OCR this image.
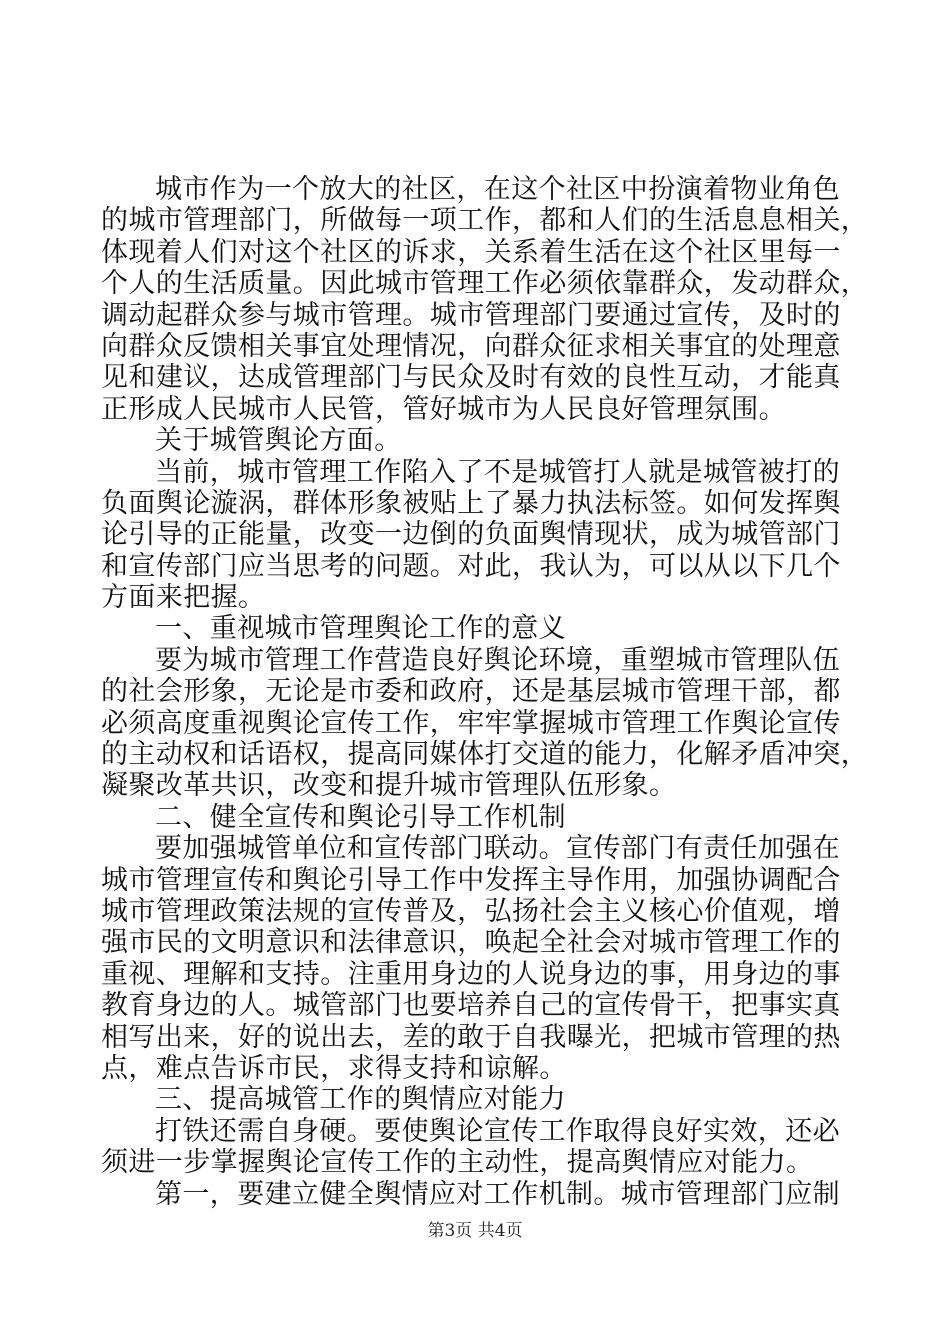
城市作为一个放大的社区，在这个社区中扮演着物业角色
的城市管理部门，所做每一项工作，都和人们的生活息息相关，
体现着人们对这个社区的诉求，关系着生活在这个社区里每一
个人的生活质量。因此城市管理工作必须依靠群众，发动群众，
调动起群众参与城市管理。城市管理部门要通过宣传，及时的
向群众反馈相关事宜处理情况，向群众征求相关事宜的处理意
见和建议，达成管理部门与民众及时有效的良性互动，才能真
正形成人民城市人民管，管好城市为人民良好管理氛围。
关于城管舆论方面。
当前，城市管理工作陷入了不是城管打人就是城管被打的
负面舆论漩涡，群体形象被贴上了暴力执法标签。如何发挥舆
论引导的正能量，改变一边倒的负面舆情现状，成为城管部门
和宣传部门应当思考的问题。对此，我认为，可以从以下几个
方面来把握。
一、重视城市管理舆论工作的意义
要为城市管理工作营造良好舆论环境，重塑城市管理队伍
的社会形象，无论是市委和政府，还是基层城市管理干部，都
必须高度重视舆论宣传工作，牢牢掌握城市管理工作舆论宣传
的主动权和话语权，提高同媒体打交道的能力，化解矛盾冲突，
凝聚改革共识，改变和提升城市管理队伍形象。
二、健全宣传和舆论引导工作机制
要加强城管单位和宣传部门联动。宣传部门有责任加强在
城市管理宣传和舆论引导工作中发挥主导作用，加强协调配合
城市管理政策法规的宣传普及，弘扬社会主义核心价值观，增
强市民的文明意识和法律意识，唤起全社会对城市管理工作的
重视、理解和支持。注重用身边的人说身边的事，用身边的事
教育身边的人。城管部门也要培养自己的宣传骨干，把事实真
相写出来，好的说出去，差的敢于自我曝光，把城市管理的热
点，难点告诉市民，求得支持和谅解。
三、提高城管工作的舆情应对能力
打铁还需自身硬。要使舆论宣传工作取得良好实效，还必
须进一步掌握舆论宣传工作的主动性，提高舆情应对能力。
第一，要建立健全舆情应对工作机制。城市管理部门应制
第3页 共4页
